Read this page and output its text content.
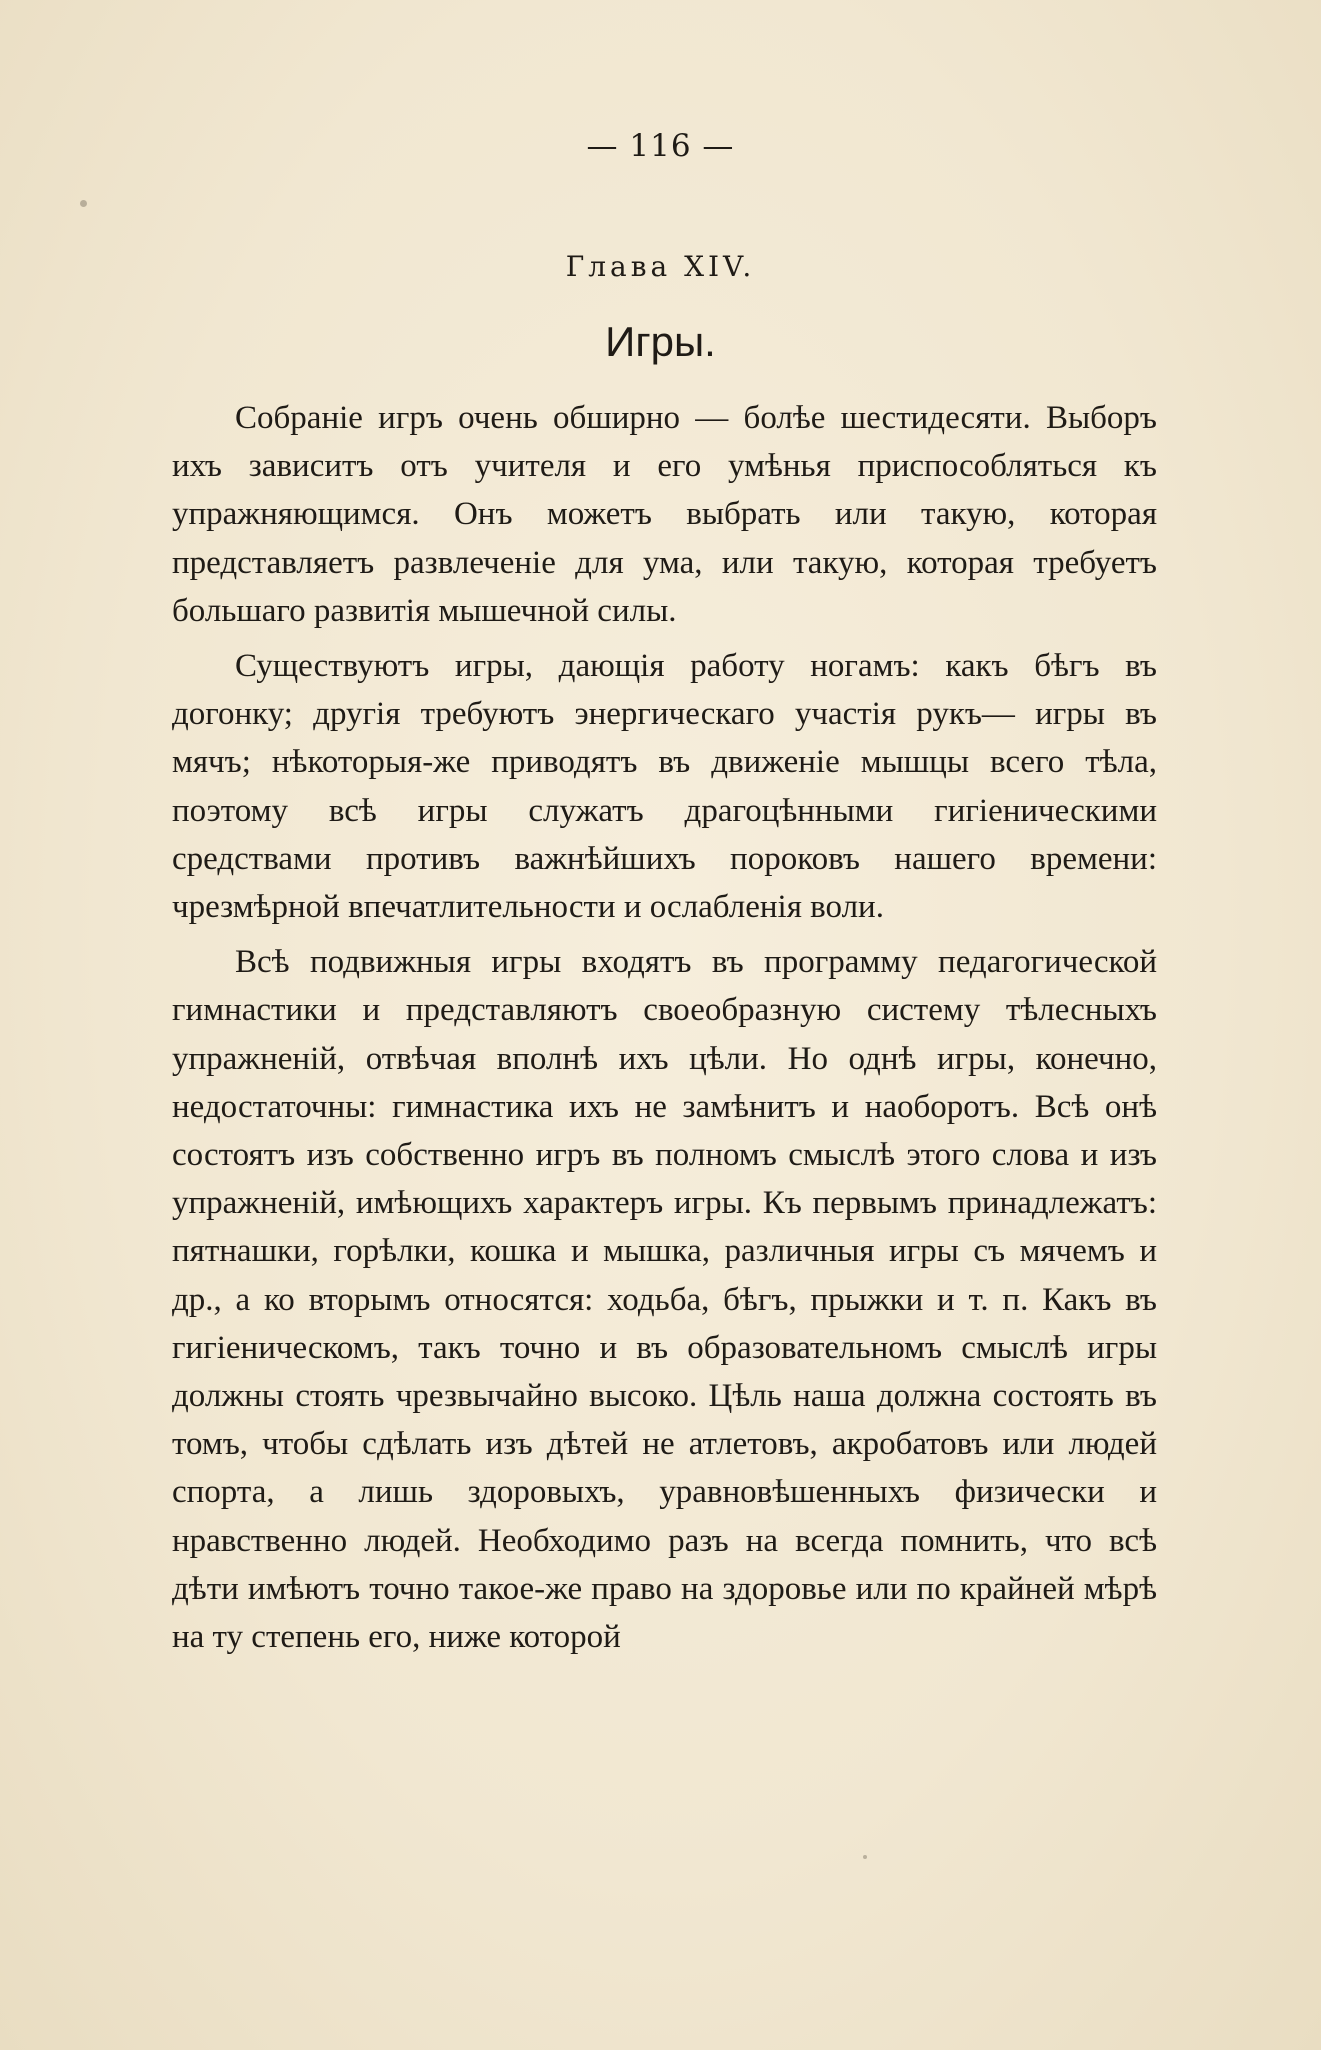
— 116 —
Глава XIV.
Игры.

Собраніе игръ очень обширно — болѣе шестидесяти. Выборъ ихъ зависитъ отъ учителя и его умѣнья приспособляться къ упражняющимся. Онъ можетъ выбрать или такую, которая представляетъ развлеченіе для ума, или такую, которая требуетъ большаго развитія мышечной силы.

Существуютъ игры, дающія работу ногамъ: какъ бѣгъ въ догонку; другія требуютъ энергическаго участія рукъ— игры въ мячъ; нѣкоторыя-же приводятъ въ движеніе мышцы всего тѣла, поэтому всѣ игры служатъ драгоцѣнными гигіеническими средствами противъ важнѣйшихъ пороковъ нашего времени: чрезмѣрной впечатлительности и ослабленія воли.

Всѣ подвижныя игры входятъ въ программу педагогической гимнастики и представляютъ своеобразную систему тѣлесныхъ упражненій, отвѣчая вполнѣ ихъ цѣли. Но однѣ игры, конечно, недостаточны: гимнастика ихъ не замѣнитъ и наоборотъ. Всѣ онѣ состоятъ изъ собственно игръ въ полномъ смыслѣ этого слова и изъ упражненій, имѣющихъ характеръ игры. Къ первымъ принадлежатъ: пятнашки, горѣлки, кошка и мышка, различныя игры съ мячемъ и др., а ко вторымъ относятся: ходьба, бѣгъ, прыжки и т. п. Какъ въ гигіеническомъ, такъ точно и въ образовательномъ смыслѣ игры должны стоять чрезвычайно высоко. Цѣль наша должна состоять въ томъ, чтобы сдѣлать изъ дѣтей не атлетовъ, акробатовъ или людей спорта, а лишь здоровыхъ, уравновѣшенныхъ физически и нравственно людей. Необходимо разъ на всегда помнить, что всѣ дѣти имѣютъ точно такое-же право на здоровье или по крайней мѣрѣ на ту степень его, ниже которой
